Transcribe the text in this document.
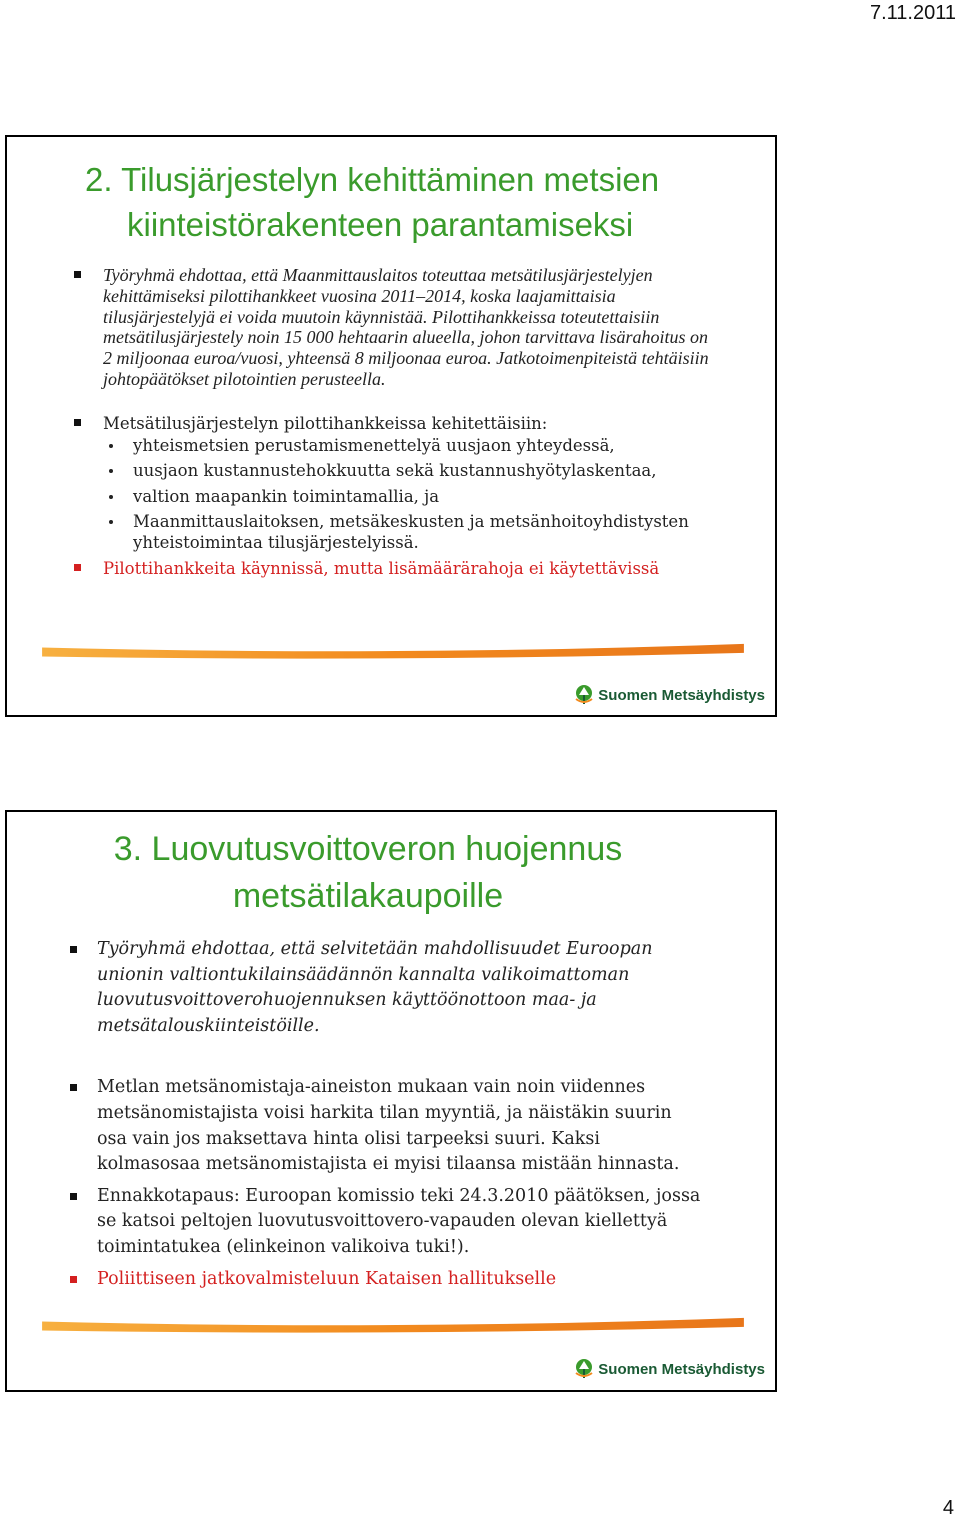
7.11.2011
2. Tilusjärjestelyn kehittäminen metsien
kiinteistörakenteen parantamiseksi
Työryhmä ehdottaa, että Maanmittauslaitos toteuttaa metsätilusjärjestelyjen kehittämiseksi pilottihankkeet vuosina 2011–2014, koska laajamittaisia tilusjärjestelyjä ei voida muutoin käynnistää. Pilottihankkeissa toteutettaisiin metsätilusjärjestely noin 15 000 hehtaarin alueella, johon tarvittava lisärahoitus on 2 miljoonaa euroa/vuosi, yhteensä 8 miljoonaa euroa. Jatkotoimenpiteistä tehtäisiin johtopäätökset pilotointien perusteella.
Metsätilusjärjestelyn pilottihankkeissa kehitettäisiin:
yhteismetsien perustamismenettelyä uusjaon yhteydessä,
uusjaon kustannustehokkuutta sekä kustannushyötylaskentaa,
valtion maapankin toimintamallia, ja
Maanmittauslaitoksen, metsäkeskusten ja metsänhoitoyhdistysten yhteistoimintaa tilusjärjestelyissä.
Pilottihankkeita käynnissä, mutta lisämäärärahoja ei käytettävissä
Suomen Metsäyhdistys
3. Luovutusvoittoveron huojennus
metsätilakaupoille
Työryhmä ehdottaa, että selvitetään mahdollisuudet Euroopan unionin valtiontukilainsäädännön kannalta valikoimattoman luovutusvoittoverohuojennuksen käyttöönottoon maa- ja metsätalouskiinteistöille.
Metlan metsänomistaja-aineiston mukaan vain noin viidennes metsänomistajista voisi harkita tilan myyntiä, ja näistäkin suurin osa vain jos maksettava hinta olisi tarpeeksi suuri. Kaksi kolmasosaa metsänomistajista ei myisi tilaansa mistään hinnasta.
Ennakkotapaus: Euroopan komissio teki 24.3.2010 päätöksen, jossa se katsoi peltojen luovutusvoittovero-vapauden olevan kiellettyä toimintatukea (elinkeinon valikoiva tuki!).
Poliittiseen jatkovalmisteluun Kataisen hallitukselle
Suomen Metsäyhdistys
4
